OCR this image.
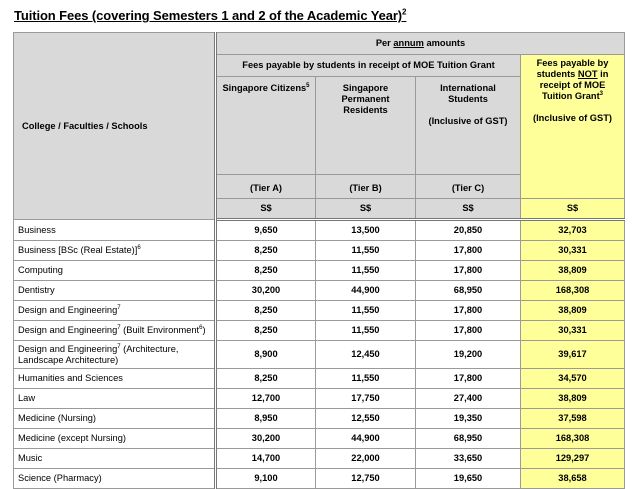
Tuition Fees (covering Semesters 1 and 2 of the Academic Year)$^2$
College / Faculties / Schools	Per annum amounts			
	Fees payable by students in receipt of MOE Tuition Grant			Fees payable by students NOT in receipt of MOE Tuition Grant$^3$

(Inclusive of GST)
	Singapore Citizens$^5$	Singapore Permanent Residents	International Students

(Inclusive of GST)	
	(Tier A)	(Tier B)	(Tier C)	
	S$	S$	S$	S$
Business	9,650	13,500	20,850	32,703
Business [BSc (Real Estate)]$^6$	8,250	11,550	17,800	30,331
Computing	8,250	11,550	17,800	38,809
Dentistry	30,200	44,900	68,950	168,308
Design and Engineering$^7$	8,250	11,550	17,800	38,809
Design and Engineering$^7$ (Built Environment$^6$)	8,250	11,550	17,800	30,331
Design and Engineering$^7$ (Architecture, Landscape Architecture)	8,900	12,450	19,200	39,617
Humanities and Sciences	8,250	11,550	17,800	34,570
Law	12,700	17,750	27,400	38,809
Medicine (Nursing)	8,950	12,550	19,350	37,598
Medicine (except Nursing)	30,200	44,900	68,950	168,308
Music	14,700	22,000	33,650	129,297
Science (Pharmacy)	9,100	12,750	19,650	38,658
